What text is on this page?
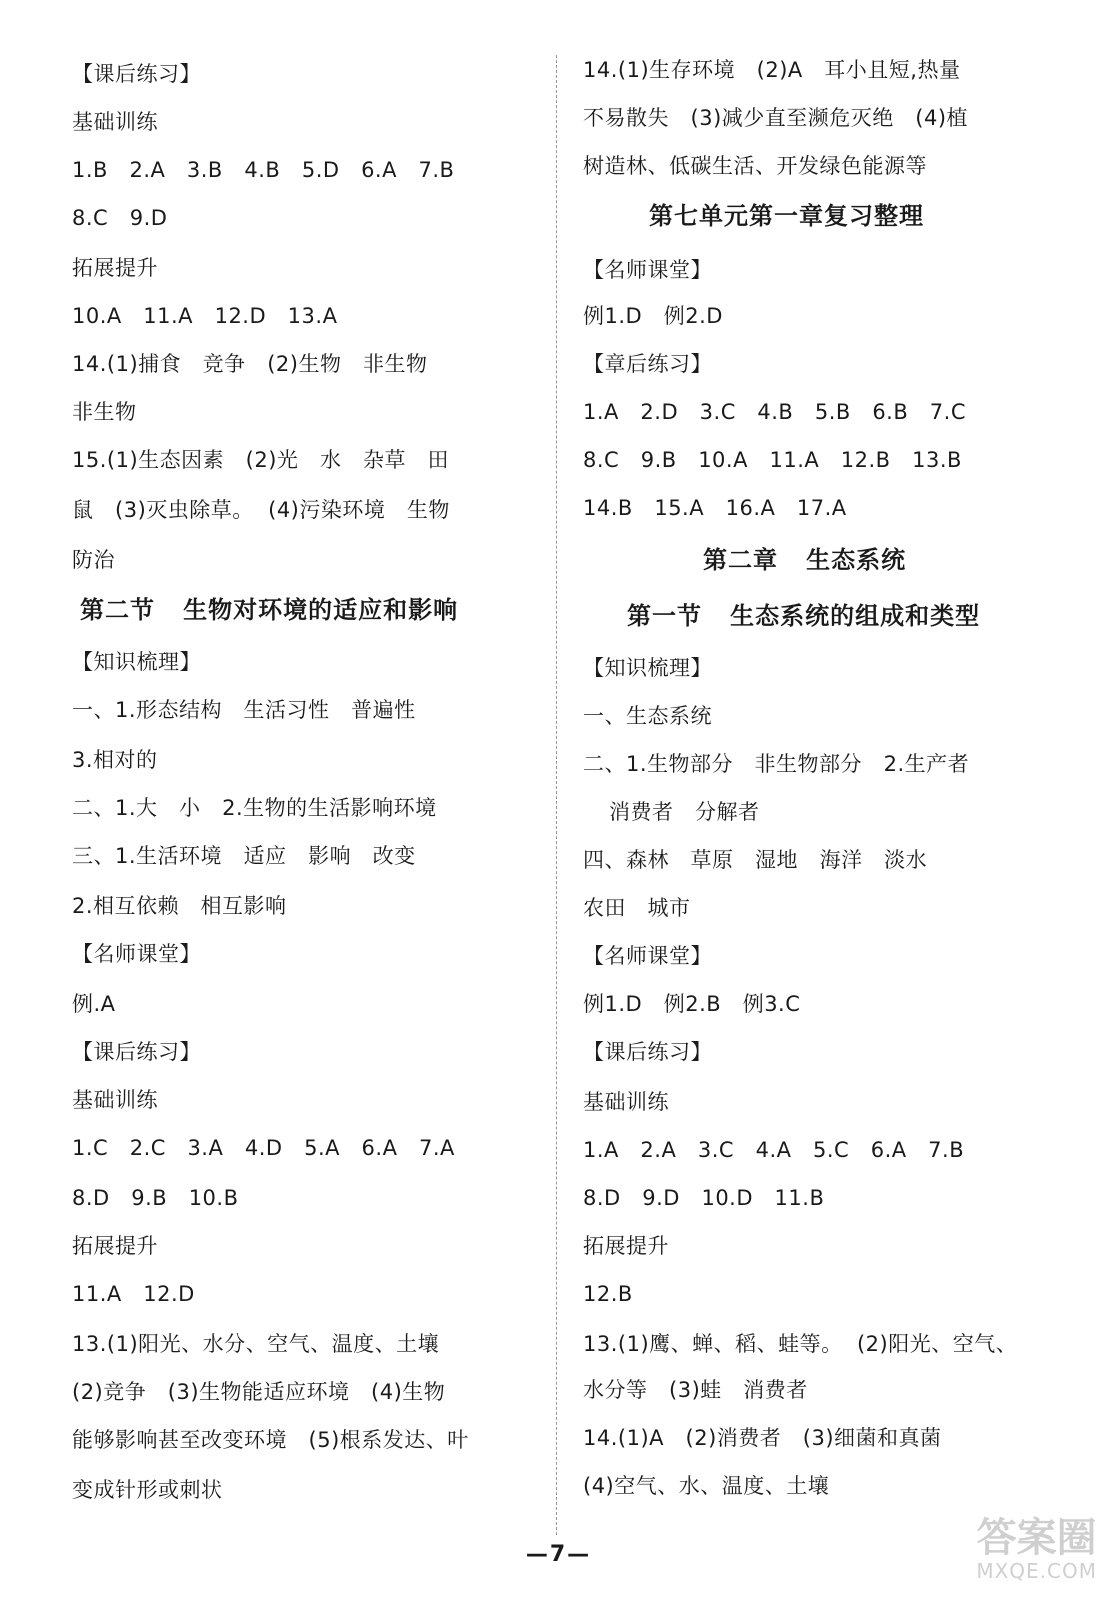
【课后练习】
基础训练
1.B   2.A   3.B   4.B   5.D   6.A   7.B
8.C   9.D
拓展提升
10.A   11.A   12.D   13.A
14.(1)捕食   竞争   (2)生物   非生物
非生物
15.(1)生态因素   (2)光   水   杂草   田
鼠   (3)灭虫除草。  (4)污染环境   生物
防治
第二节   生物对环境的适应和影响
【知识梳理】
一、1.形态结构   生活习性   普遍性
3.相对的
二、1.大   小   2.生物的生活影响环境
三、1.生活环境   适应   影响   改变
2.相互依赖   相互影响
【名师课堂】
例.A
【课后练习】
基础训练
1.C   2.C   3.A   4.D   5.A   6.A   7.A
8.D   9.B   10.B
拓展提升
11.A   12.D
13.(1)阳光、水分、空气、温度、土壤
(2)竞争   (3)生物能适应环境   (4)生物
能够影响甚至改变环境   (5)根系发达、叶
变成针形或刺状
14.(1)生存环境   (2)A   耳小且短,热量
不易散失   (3)减少直至濒危灭绝   (4)植
树造林、低碳生活、开发绿色能源等
第七单元第一章复习整理
【名师课堂】
例1.D   例2.D
【章后练习】
1.A   2.D   3.C   4.B   5.B   6.B   7.C
8.C   9.B   10.A   11.A   12.B   13.B
14.B   15.A   16.A   17.A
第二章   生态系统
第一节   生态系统的组成和类型
【知识梳理】
一、生态系统
二、1.生物部分   非生物部分   2.生产者
消费者   分解者
四、森林   草原   湿地   海洋   淡水
农田   城市
【名师课堂】
例1.D   例2.B   例3.C
【课后练习】
基础训练
1.A   2.A   3.C   4.A   5.C   6.A   7.B
8.D   9.D   10.D   11.B
拓展提升
12.B
13.(1)鹰、蝉、稻、蛙等。  (2)阳光、空气、
水分等   (3)蛙   消费者
14.(1)A   (2)消费者   (3)细菌和真菌
(4)空气、水、温度、土壤
—7—	答案圈
MXQE.COM
